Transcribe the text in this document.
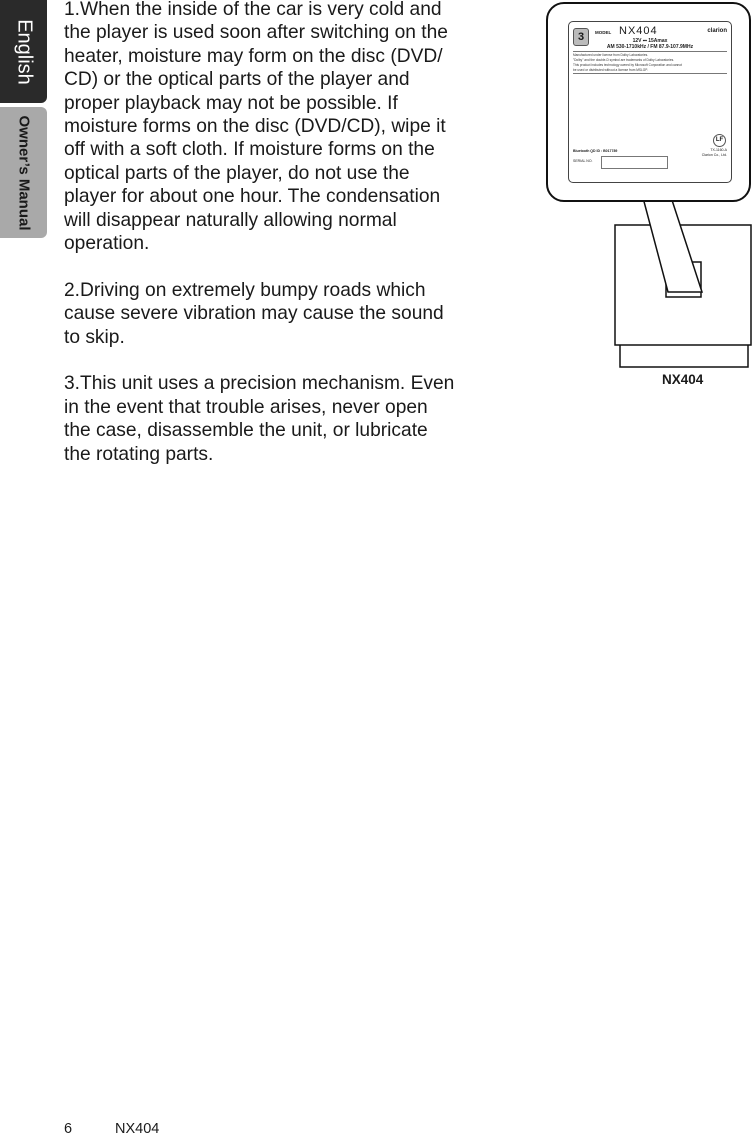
English
Owner’s Manual

1.When the inside of the car is very cold and the player is used soon after switching on the heater, moisture may form on the disc (DVD/ CD) or the optical parts of the player and proper playback may not be possible. If moisture forms on the disc (DVD/CD), wipe it off with a soft cloth. If moisture forms on the optical parts of the player, do not use the player for about one hour. The condensation will disappear naturally allowing normal operation.

2.Driving on extremely bumpy roads which cause severe vibration may cause the sound to skip.

3.This unit uses a precision mechanism. Even in the event that trouble arises, never open the case, disassemble the unit, or lubricate the rotating parts.

3	MODEL NX404	clarion
12V ⎓ 15Amax
AM 530-1710kHz / FM 87.9-107.9MHz
Manufactured under license from Dolby Laboratories.
"Dolby" and the double-D symbol are trademarks of Dolby Laboratories.
This product includes technology owned by Microsoft Corporation and cannot
be used or distributed without a license from MSLGP.
LF
Bluetooth QD ID : B017789	TX-1160-A
Clarion Co., Ltd.
SERIAL NO.
NX404
6	NX404
